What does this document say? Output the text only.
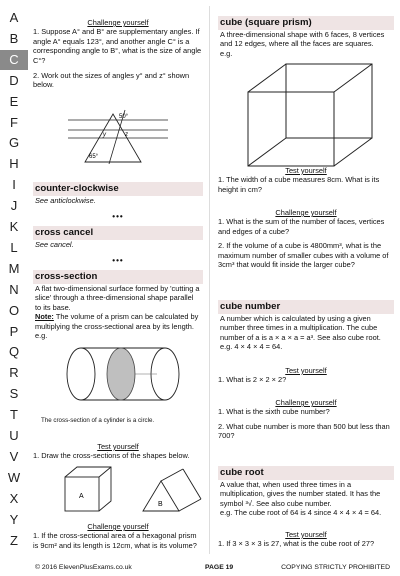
A
B
C
D
E
F
G
H
I
J
K
L
M
N
O
P
Q
R
S
T
U
V
W
X
Y
Z
Challenge yourself
1. Suppose A° and B° are supplementary angles. If angle A° equals 123°, and another angle C° is a corresponding angle to B°, what is the size of angle C°?
2. Work out the sizes of angles y° and z° shown below.
50°
y	z
65°
counter-clockwise
See anticlockwise.
•••
cross cancel
See cancel.
•••
cross-section
A flat two-dimensional surface formed by 'cutting a slice' through a three-dimensional shape parallel to its base.
Note: The volume of a prism can be calculated by multiplying the cross-sectional area by its length.
e.g.
The cross-section of a cylinder is a circle.
Test yourself
1. Draw the cross-sections of the shapes below.
A
B
Challenge yourself
1. If the cross-sectional area of a hexagonal prism is 9cm² and its length is 12cm, what is its volume?
cube (square prism)
A three-dimensional shape with 6 faces, 8 vertices and 12 edges, where all the faces are squares.
e.g.
Test yourself
1. The width of a cube measures 8cm. What is its height in cm?
Challenge yourself
1. What is the sum of the number of faces, vertices and edges of a cube?
2. If the volume of a cube is 4800mm³, what is the maximum number of smaller cubes with a volume of 3cm³ that would fit inside the larger cube?
cube number
A number which is calculated by using a given number three times in a multiplication. The cube number of a is a × a × a = a³. See also cube root.
e.g. 4 × 4 × 4 = 64.
Test yourself
1. What is 2 × 2 × 2?
Challenge yourself
1. What is the sixth cube number?
2. What cube number is more than 500 but less than 700?
cube root
A value that, when used three times in a multiplication, gives the number stated. It has the symbol ³√. See also cube number.
e.g. The cube root of 64 is 4 since 4 × 4 × 4 = 64.
Test yourself
1. If 3 × 3 × 3 is 27, what is the cube root of 27?
© 2016 ElevenPlusExams.co.uk	PAGE 19	COPYING STRICTLY PROHIBITED
